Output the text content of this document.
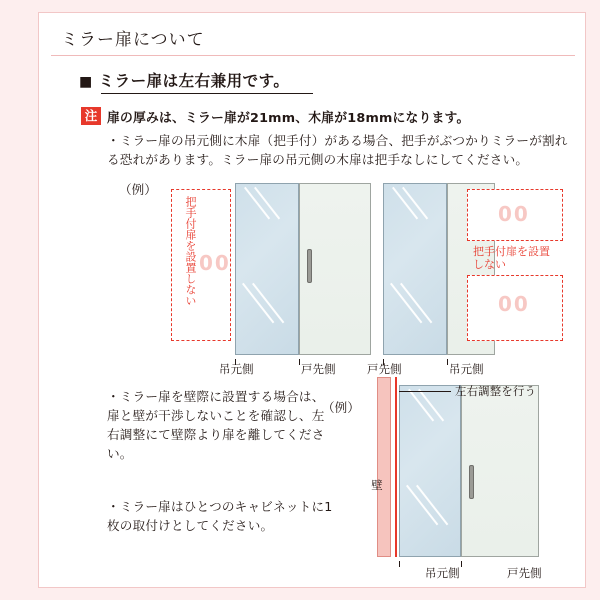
ミラー扉について
■ ミラー扉は左右兼用です。
注 扉の厚みは、ミラー扉が21mm、木扉が18mmになります。
・ミラー扉の吊元側に木扉（把手付）がある場合、把手がぶつかりミラーが割れる恐れがあります。ミラー扉の吊元側の木扉は把手なしにしてください。
（例）
把手付扉を設置しない 00
吊元側	戸先側
00
把手付扉を設置しない
00
戸先側	吊元側
・ミラー扉を壁際に設置する場合は、扉と壁が干渉しないことを確認し、左右調整にて壁際より扉を離してください。
（例）
壁
左右調整を行う
吊元側	戸先側
・ミラー扉はひとつのキャビネットに1枚の取付けとしてください。
